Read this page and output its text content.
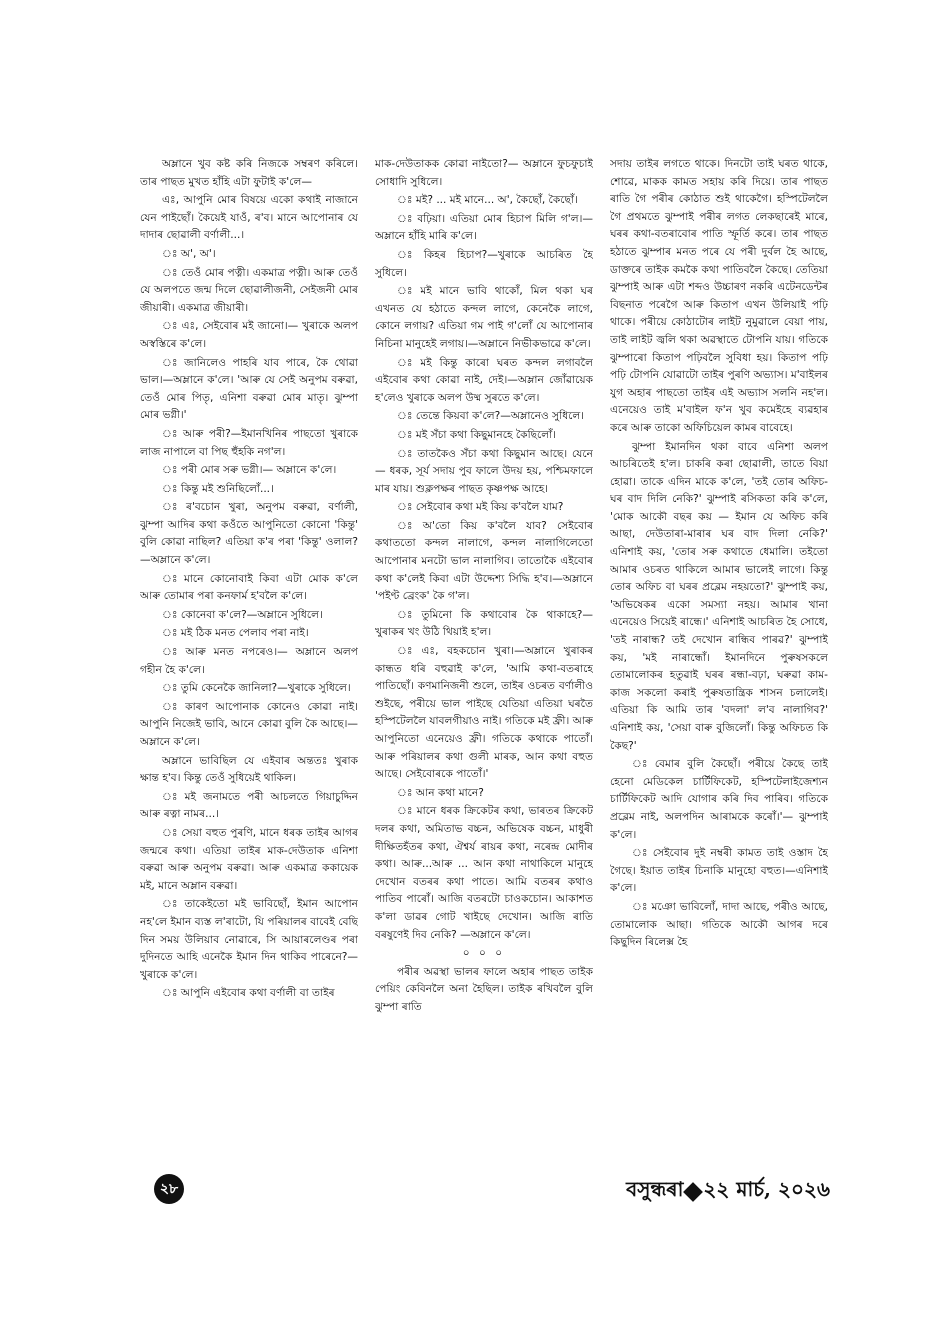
অম্লানে খুব কষ্ট কৰি নিজকে সম্বৰণ কৰিলে। তাৰ পাছত মুখত হাঁহি এটা ফুটাই ক'লে—

এঃ, আপুনি মোৰ বিষয়ে একো কথাই নাজানে যেন পাইছোঁ। কৈয়েই যাওঁ, ৰ'ব। মানে আপোনাৰ যে দাদাৰ ছোৱালী বৰ্ণালী...।

ঃ অ', অ'।

ঃ তেওঁ মোৰ পত্নী। একমাত্ৰ পত্নী। আৰু তেওঁ যে অলপতে জন্ম দিলে ছোৱালীজনী, সেইজনী মোৰ জীয়াৰী। একমাত্ৰ জীয়াৰী।

ঃ এঃ, সেইবোৰ মই জানো।— খুৰাকে অলপ অস্বস্তিৰে ক'লে।

ঃ জানিলেও পাহৰি যাব পাৰে, কৈ থোৱা ভাল।—অম্লানে ক'লে। 'আৰু যে সেই অনুপম বৰুৱা, তেওঁ মোৰ পিতৃ, এনিশা বৰুৱা মোৰ মাতৃ। ঝুম্পা মোৰ ভগ্নী।'

ঃ আৰু পৰী?—ইমানখিনিৰ পাছতো খুৰাকে লাজ নাপালে বা পিছ হুঁহকি নগ'ল।

ঃ পৰী মোৰ সৰু ভগ্নী।— অম্লানে ক'লে।

ঃ কিন্তু মই শুনিছিলোঁ...।

ঃ ৰ'বচোন খুৰা, অনুপম বৰুৱা, বৰ্ণালী, ঝুম্পা আদিৰ কথা কওঁতে আপুনিতো কোনো 'কিন্তু' বুলি কোৱা নাছিল? এতিয়া ক'ৰ পৰা 'কিন্তু' ওলাল?—অম্লানে ক'লে।

ঃ মানে কোনোবাই কিবা এটা মোক ক'লে আৰু তোমাৰ পৰা কনফাৰ্ম হ'বলৈ ক'লে।

ঃ কোনেবা ক'লে?—অম্লানে সুধিলে।

ঃ মই ঠিক মনত পেলাব পৰা নাই।

ঃ আৰু মনত নপৰেও।— অম্লানে অলপ গহীন হৈ ক'লে।

ঃ তুমি কেনেকৈ জানিলা?—খুৰাকে সুধিলে।

ঃ কাৰণ আপোনাক কোনেও কোৱা নাই। আপুনি নিজেই ভাবি, আনে কোৱা বুলি কৈ আছে।—অম্লানে ক'লে।

অম্লানে ভাবিছিল যে এইবাৰ অন্ততঃ খুৰাক ক্ষান্ত হ'ব। কিন্তু তেওঁ সুধিয়েই থাকিল।

ঃ মই জনামতে পৰী আচলতে গিয়াচুদ্দিন আৰু ৰত্না নামৰ...।

ঃ সেয়া বহুত পুৰণি, মানে ধৰক তাইৰ আগৰ জন্মৰে কথা। এতিয়া তাইৰ মাক-দেউতাক এনিশা বৰুৱা আৰু অনুপম বৰুৱা। আৰু একমাত্ৰ ককায়েক মই, মানে অম্লান বৰুৱা।

ঃ তাকেইতো মই ভাবিছোঁ, ইমান আপোন নহ'লে ইমান ব্যস্ত ল'ৰাটো, যি পৰিয়ালৰ বাবেই বেছি দিন সময় উলিয়াব নোৱাৰে, সি আয়াৰলেণ্ডৰ পৰা দুদিনতে আহি এনেকৈ ইমান দিন থাকিব পাৰেনে?— খুৰাকে ক'লে।

ঃ আপুনি এইবোৰ কথা বৰ্ণালী বা তাইৰ

মাক-দেউতাকক কোৱা নাইতো?— অম্লানে ফুচফুচাই সোধাদি সুধিলে।

ঃ মই? ... মই মানে... অ', কৈছোঁ, কৈছোঁ।

ঃ বঢ়িয়া। এতিয়া মোৰ হিচাপ মিলি গ'ল।— অম্লানে হাঁহি মাৰি ক'লে।

ঃ কিহৰ হিচাপ?—খুৰাকে আচৰিত হৈ সুধিলে।

ঃ মই মানে ভাবি থাকোঁ, মিল থকা ঘৰ এখনত যে হঠাতে কন্দল লাগে, কেনেকৈ লাগে, কোনে লগায়? এতিয়া গম পাই গ'লোঁ যে আপোনাৰ নিচিনা মানুহেই লগায়।—অম্লানে নিভীকভাৱে ক'লে।

ঃ মই কিন্তু কাৰো ঘৰত কন্দল লগাবলৈ এইবোৰ কথা কোৱা নাই, দেই।—অম্লান জোঁৱায়েক হ'লেও খুৰাকে অলপ উষ্ম সুৰতে ক'লে।

ঃ তেন্তে কিয়বা ক'লে?—অম্লানেও সুধিলে।

ঃ মই সঁচা কথা কিছুমানহে কৈছিলোঁ।

ঃ তাতকৈও সঁচা কথা কিছুমান আছে। যেনে — ধৰক, সূৰ্য সদায় পুব ফালে উদয় হয়, পশ্চিমফালে মাৰ যায়। শুক্লপক্ষৰ পাছত কৃষ্ণপক্ষ আহে।

ঃ সেইবোৰ কথা মই কিয় ক'বলৈ যাম?

ঃ অ'তো কিয় ক'বলৈ যাব? সেইবোৰ কথাততো কন্দল নালাগে, কন্দল নালাগিলেতো আপোনাৰ মনটো ভাল নালাগিব। তাতোকৈ এইবোৰ কথা ক'লেই কিবা এটা উদ্দেশ্য সিদ্ধি হ'ব।—অম্লানে 'পইণ্ট ব্ৰেংক' কৈ গ'ল।

ঃ তুমিনো কি কথাবোৰ কৈ থাকাহে?— খুৰাকৰ খং উঠি থিয়াই হ'ল।

ঃ এঃ, বহকচোন খুৰা।—অম্লানে খুৰাকৰ কান্ধত ধৰি বহুৱাই ক'লে, 'আমি কথা-বতৰাহে পাতিছোঁ। কণমানিজনী শুলে, তাইৰ ওচৰত বৰ্ণালীও শুইছে, পৰীয়ে ভাল পাইছে যেতিয়া এতিয়া ঘৰতৈ হস্পিটেললৈ যাবলগীয়াও নাই। গতিকে মই ফ্ৰী। আৰু আপুনিতো এনেয়েও ফ্ৰী। গতিকে কথাকে পাতোঁ। আৰু পৰিয়ালৰ কথা গুলী মাৰক, আন কথা বহুত আছে। সেইবোৰকে পাতোঁ।'

ঃ আন কথা মানে?

ঃ মানে ধৰক ক্ৰিকেটৰ কথা, ভাৰতৰ ক্ৰিকেট দলৰ কথা, অমিতাভ বচ্চন, অভিষেক বচ্চন, মাধুৰী দীক্ষিতহঁতৰ কথা, ঐশ্বৰ্য ৰায়ৰ কথা, নৰেন্দ্ৰ মোদীৰ কথা। আৰু...আৰু ... আন কথা নাথাকিলে মানুহে দেখোন বতৰৰ কথা পাতে। আমি বতৰৰ কথাও পাতিব পাৰোঁ। আজি বতৰটো চাওকচোন। আকাশত ক'লা ডাৱৰ গোট খাইছে দেখোন। আজি ৰাতি বৰষুণেই দিব নেকি? —অম্লানে ক'লে।

০ ০ ০

পৰীৰ অৱস্থা ভালৰ ফালে অহাৰ পাছত তাইক পেয়িং কেবিনলৈ অনা হৈছিল। তাইক ৰখিবলৈ বুলি ঝুম্পা ৰাতি

সদায় তাইৰ লগতে থাকে। দিনটো তাই ঘৰত থাকে, শোৱে, মাকক কামত সহায় কৰি দিয়ে। তাৰ পাছত ৰাতি গৈ পৰীৰ কোঠাত শুই থাকেগৈ। হস্পিটেললৈ গৈ প্ৰথমতে ঝুম্পাই পৰীৰ লগত লেকছাৰেই মাৰে, ঘৰৰ কথা-বতৰাবোৰ পাতি স্ফূৰ্তি কৰে। তাৰ পাছত হঠাতে ঝুম্পাৰ মনত পৰে যে পৰী দুৰ্বল হৈ আছে, ডাক্তৰে তাইক কমকৈ কথা পাতিবলৈ কৈছে। তেতিয়া ঝুম্পাই আৰু এটা শব্দও উচ্চাৰণ নকৰি এটেনডেন্টৰ বিছনাত পৰেগৈ আৰু কিতাপ এখন উলিয়াই পঢ়ি থাকে। পৰীয়ে কোঠাটোৰ লাইট নুমুৱালে বেয়া পায়, তাই লাইট জ্বলি থকা অৱস্থাতে টোপনি যায়। গতিকে ঝুম্পাৰো কিতাপ পঢ়িবলৈ সুবিধা হয়। কিতাপ পঢ়ি পঢ়ি টোপনি যোৱাটো তাইৰ পুৰণি অভ্যাস। ম'বাইলৰ যুগ অহাৰ পাছতো তাইৰ এই অভ্যাস সলনি নহ'ল। এনেয়েও তাই ম'বাইল ফ'ন খুব কমেইহে ব্যৱহাৰ কৰে আৰু তাকো অফিচিয়েল কামৰ বাবেহে।

ঝুম্পা ইমানদিন থকা বাবে এনিশা অলপ আচৰিতেই হ'ল। চাকৰি কৰা ছোৱালী, তাতে বিয়া হোৱা। তাকে এদিন মাকে ক'লে, 'তই তোৰ অফিচ-ঘৰ বাদ দিলি নেকি?' ঝুম্পাই ৰসিকতা কৰি ক'লে, 'মোক আকৌ বছৰ কয় — ইমান যে অফিচ কৰি আছা, দেউতাৰা-মাৰাৰ ঘৰ বাদ দিলা নেকি?' এনিশাই কয়, 'তোৰ সৰু কথাতে ধেমালি। তইতো আমাৰ ওচৰত থাকিলে আমাৰ ভালেই লাগে। কিন্তু তোৰ অফিচ বা ঘৰৰ প্ৰব্লেম নহয়তো?' ঝুম্পাই কয়, 'অভিষেকৰ একো সমস্যা নহয়। আমাৰ খানা এনেয়েও সিয়েই ৰান্ধে।' এনিশাই আচৰিত হৈ সোধে, 'তই নাৰান্ধ? তই দেখোন ৰান্ধিব পাৰৱ?' ঝুম্পাই কয়, 'মই নাৰান্ধোঁ। ইমানদিনে পুৰুষসকলে তোমালোকৰ হতুৱাই ঘৰৰ ৰন্ধা-বঢ়া, ঘৰুৱা কাম-কাজ সকলো কৰাই পুৰুষতান্ত্ৰিক শাসন চলালেই। এতিয়া কি আমি তাৰ 'বদলা' ল'ব নালাগিব?' এনিশাই কয়, 'সেয়া বাৰু বুজিলোঁ। কিন্তু অফিচত কি কৈছ?'

ঃ বেমাৰ বুলি কৈছোঁ। পৰীয়ে কৈছে তাই হেনো মেডিকেল চাৰ্টিফিকেট, হস্পিটেলাইজেশ্যন চাৰ্টিফিকেট আদি যোগাৰ কৰি দিব পাৰিব। গতিকে প্ৰব্লেম নাই, অলপদিন আৰামকে কৰোঁ।'— ঝুম্পাই ক'লে।

ঃ সেইবোৰ দুই নম্বৰী কামত তাই ওস্তাদ হৈ গৈছে। ইয়াত তাইৰ চিনাকি মানুহো বহুত।—এনিশাই ক'লে।

ঃ মঞো ভাবিলোঁ, দাদা আছে, পৰীও আছে, তোমালোক আছা। গতিকে আকৌ আগৰ দৰে কিছুদিন ৰিলেক্স হৈ

২৮	বসুন্ধৰা ২২ মাৰ্চ, ২০২৬
